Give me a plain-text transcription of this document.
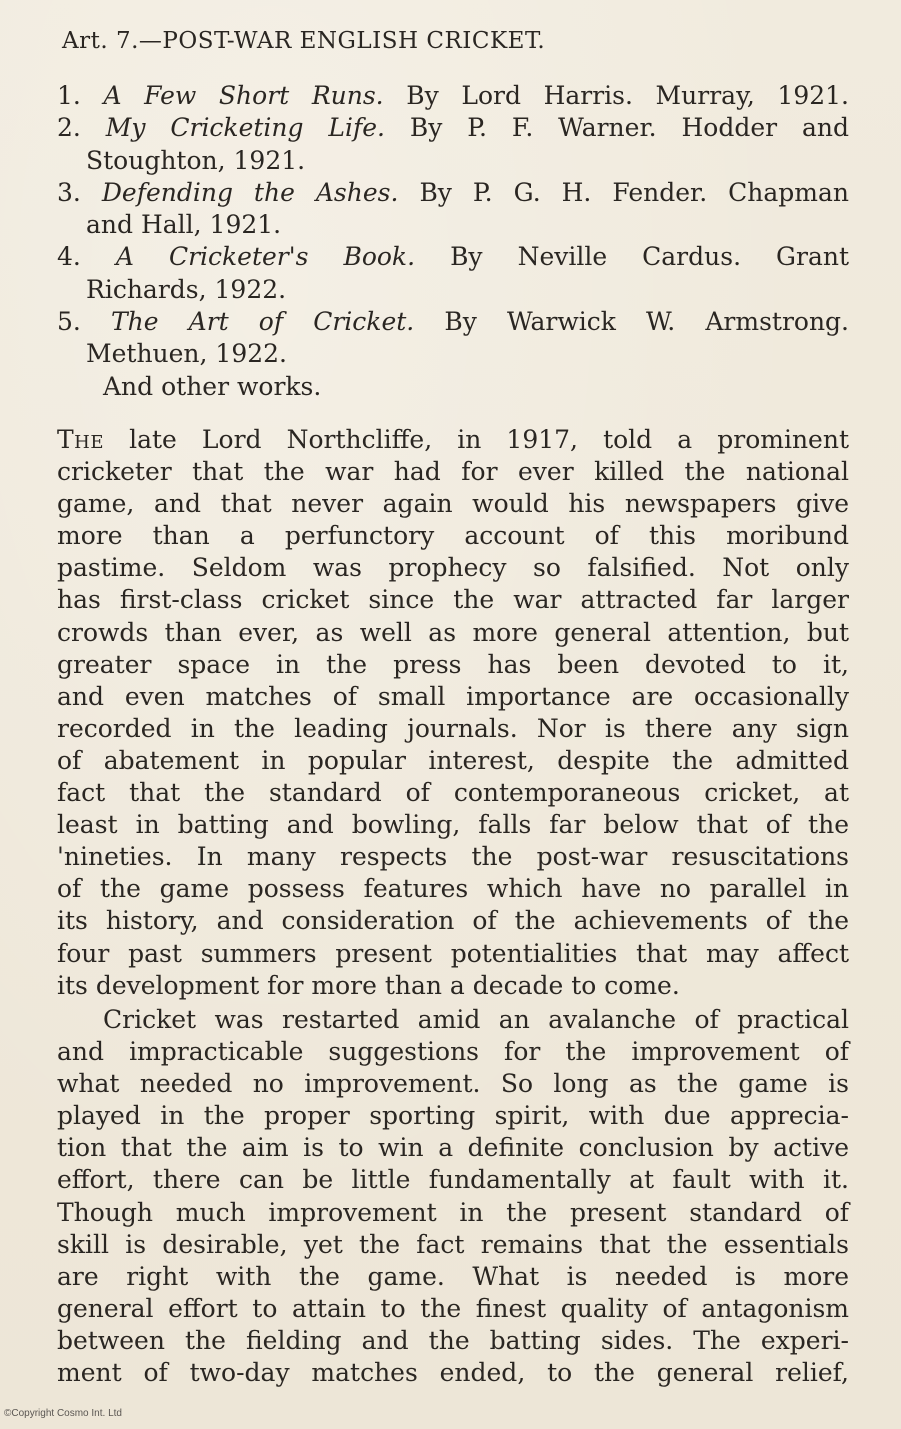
Art. 7.—POST-WAR ENGLISH CRICKET.
1. A Few Short Runs. By Lord Harris. Murray, 1921.
2. My Cricketing Life. By P. F. Warner. Hodder and
Stoughton, 1921.
3. Defending the Ashes. By P. G. H. Fender. Chapman
and Hall, 1921.
4. A Cricketer's Book. By Neville Cardus. Grant
Richards, 1922.
5. The Art of Cricket. By Warwick W. Armstrong.
Methuen, 1922.
And other works.
The late Lord Northcliffe, in 1917, told a prominent
cricketer that the war had for ever killed the national
game, and that never again would his newspapers give
more than a perfunctory account of this moribund
pastime. Seldom was prophecy so falsified. Not only
has first-class cricket since the war attracted far larger
crowds than ever, as well as more general attention, but
greater space in the press has been devoted to it,
and even matches of small importance are occasionally
recorded in the leading journals. Nor is there any sign
of abatement in popular interest, despite the admitted
fact that the standard of contemporaneous cricket, at
least in batting and bowling, falls far below that of the
'nineties. In many respects the post-war resuscitations
of the game possess features which have no parallel in
its history, and consideration of the achievements of the
four past summers present potentialities that may affect
its development for more than a decade to come.
Cricket was restarted amid an avalanche of practical
and impracticable suggestions for the improvement of
what needed no improvement. So long as the game is
played in the proper sporting spirit, with due apprecia-
tion that the aim is to win a definite conclusion by active
effort, there can be little fundamentally at fault with it.
Though much improvement in the present standard of
skill is desirable, yet the fact remains that the essentials
are right with the game. What is needed is more
general effort to attain to the finest quality of antagonism
between the fielding and the batting sides. The experi-
ment of two-day matches ended, to the general relief,
©Copyright Cosmo Int. Ltd
